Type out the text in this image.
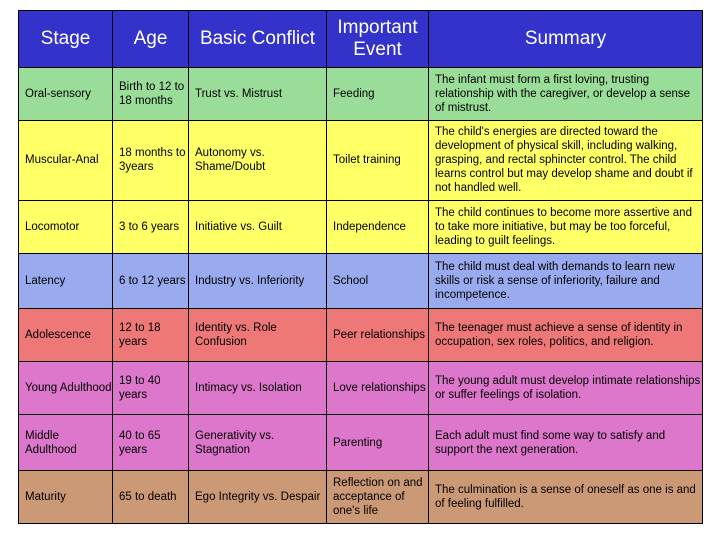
Stage	Age	Basic Conflict	Important Event	Summary
Oral-sensory	Birth to 12 to 18 months	Trust vs. Mistrust	Feeding	The infant must form a first loving, trusting relationship with the caregiver, or develop a sense of mistrust.
Muscular-Anal	18 months to 3years	Autonomy vs. Shame/Doubt	Toilet training	The child's energies are directed toward the development of physical skill, including walking, grasping, and rectal sphincter control. The child learns control but may develop shame and doubt if not handled well.
Locomotor	3 to 6 years	Initiative vs. Guilt	Independence	The child continues to become more assertive and to take more initiative, but may be too forceful, leading to guilt feelings.
Latency	6 to 12 years	Industry vs. Inferiority	School	The child must deal with demands to learn new skills or risk a sense of inferiority, failure and incompetence.
Adolescence	12 to 18 years	Identity vs. Role Confusion	Peer relationships	The teenager must achieve a sense of identity in occupation, sex roles, politics, and religion.
Young Adulthood	19 to 40 years	Intimacy vs. Isolation	Love relationships	The young adult must develop intimate relationships or suffer feelings of isolation.
Middle Adulthood	40 to 65 years	Generativity vs. Stagnation	Parenting	Each adult must find some way to satisfy and support the next generation.
Maturity	65 to death	Ego Integrity vs. Despair	Reflection on and acceptance of one's life	The culmination is a sense of oneself as one is and of feeling fulfilled.
